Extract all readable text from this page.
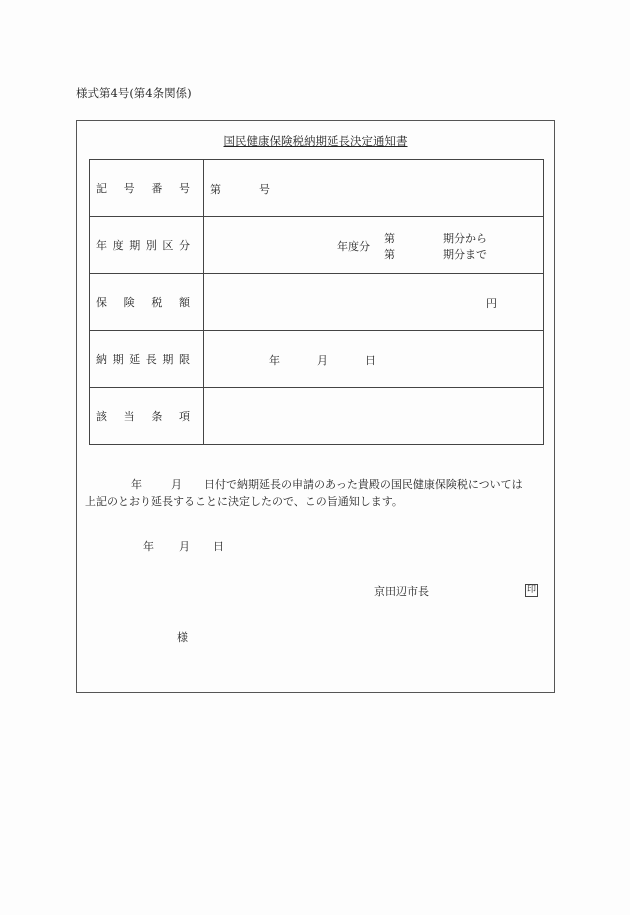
様式第4号(第4条関係)
国民健康保険税納期延長決定通知書
記 号 番 号	第 号

年 度 期 別 区 分	年度分
第	期分から
第	期分まで

保 険 税 額	円

納 期 延 長 期 限	年	月	日

該 当 条 項	

年	月 日付で納期延長の申請のあった貴殿の国民健康保険税については
上記のとおり延長することに決定したので、この旨通知します。
年 月 日
京田辺市長	印
様
